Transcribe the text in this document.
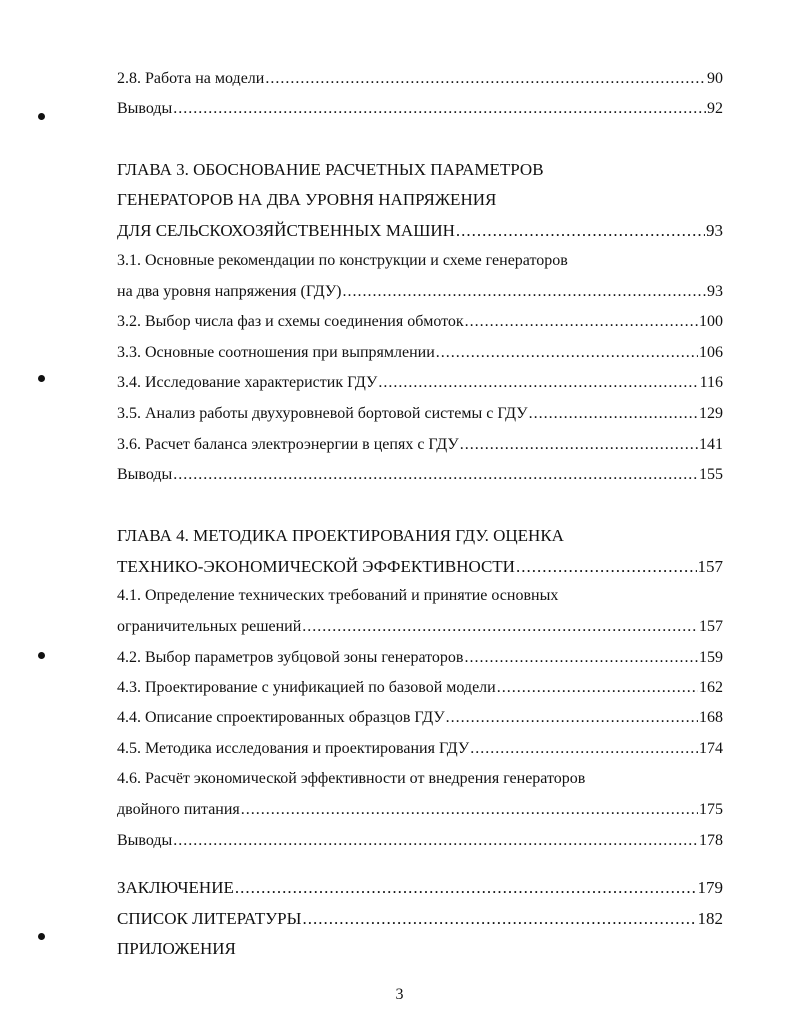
2.8. Работа на модели .....	90
Выводы .....	92
ГЛАВА 3. ОБОСНОВАНИЕ РАСЧЕТНЫХ ПАРАМЕТРОВ
ГЕНЕРАТОРОВ НА ДВА УРОВНЯ НАПРЯЖЕНИЯ
ДЛЯ СЕЛЬСКОХОЗЯЙСТВЕННЫХ МАШИН .....	93
3.1. Основные рекомендации по конструкции и схеме генераторов
на два уровня напряжения (ГДУ) .....	93
3.2. Выбор числа фаз и схемы соединения обмоток .....	100
3.3. Основные соотношения при выпрямлении .....	106
3.4. Исследование характеристик ГДУ .....	116
3.5. Анализ работы двухуровневой бортовой системы с ГДУ .....	129
3.6. Расчет баланса электроэнергии в цепях с ГДУ .....	141
Выводы .....	155
ГЛАВА 4. МЕТОДИКА ПРОЕКТИРОВАНИЯ ГДУ. ОЦЕНКА
ТЕХНИКО-ЭКОНОМИЧЕСКОЙ ЭФФЕКТИВНОСТИ .....	157
4.1. Определение технических требований и принятие основных
ограничительных решений .....	157
4.2. Выбор параметров зубцовой зоны генераторов .....	159
4.3. Проектирование с унификацией по базовой модели .....	162
4.4. Описание спроектированных образцов ГДУ .....	168
4.5. Методика исследования и проектирования ГДУ .....	174
4.6. Расчёт экономической эффективности от внедрения генераторов
двойного питания .....	175
Выводы .....	178
ЗАКЛЮЧЕНИЕ .....	179
СПИСОК ЛИТЕРАТУРЫ .....	182
ПРИЛОЖЕНИЯ
3
